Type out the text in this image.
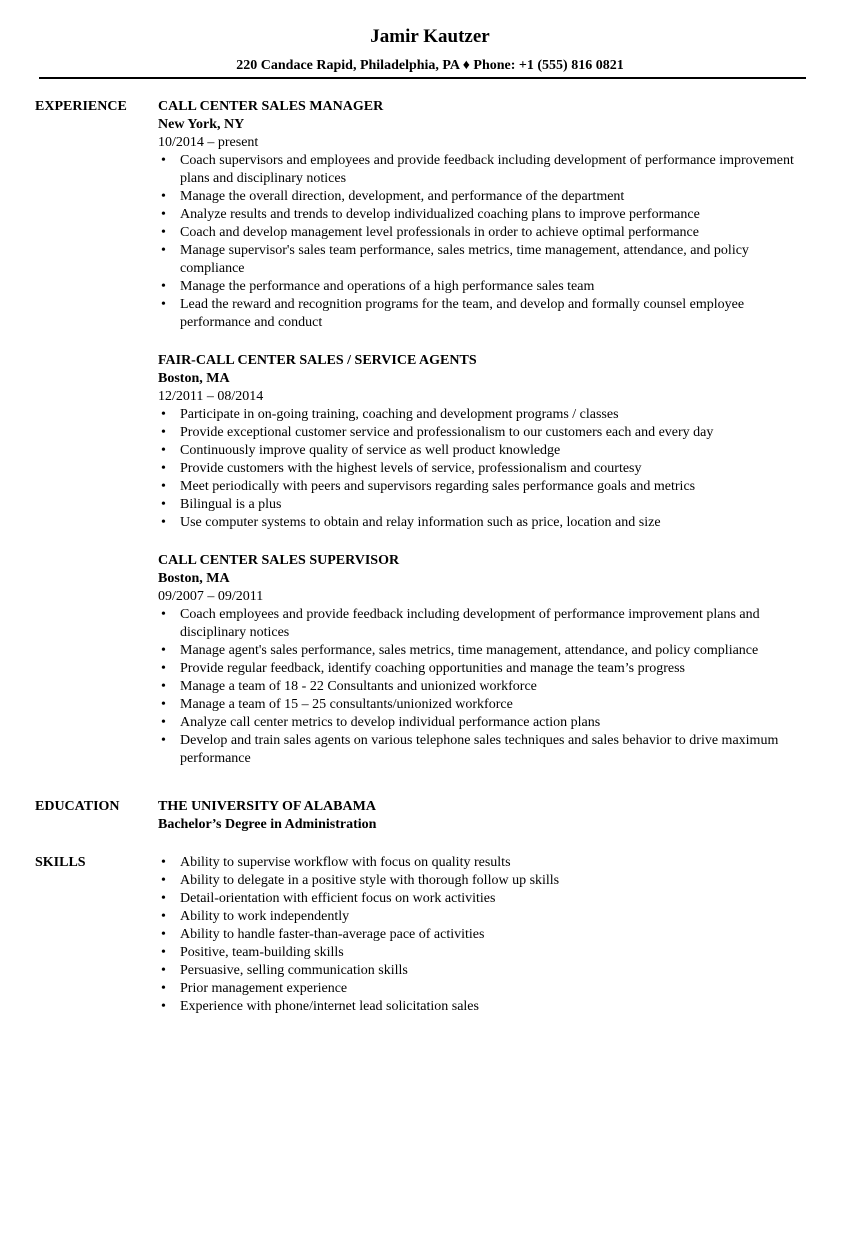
Jamir Kautzer
220 Candace Rapid, Philadelphia, PA ♦ Phone: +1 (555) 816 0821
EXPERIENCE CALL CENTER SALES MANAGER
New York, NY
10/2014 – present
• Coach supervisors and employees and provide feedback including development of performance improvement plans and disciplinary notices
• Manage the overall direction, development, and performance of the department
• Analyze results and trends to develop individualized coaching plans to improve performance
• Coach and develop management level professionals in order to achieve optimal performance
• Manage supervisor's sales team performance, sales metrics, time management, attendance, and policy compliance
• Manage the performance and operations of a high performance sales team
• Lead the reward and recognition programs for the team, and develop and formally counsel employee performance and conduct
FAIR-CALL CENTER SALES / SERVICE AGENTS
Boston, MA
12/2011 – 08/2014
• Participate in on-going training, coaching and development programs / classes
• Provide exceptional customer service and professionalism to our customers each and every day
• Continuously improve quality of service as well product knowledge
• Provide customers with the highest levels of service, professionalism and courtesy
• Meet periodically with peers and supervisors regarding sales performance goals and metrics
• Bilingual is a plus
• Use computer systems to obtain and relay information such as price, location and size
CALL CENTER SALES SUPERVISOR
Boston, MA
09/2007 – 09/2011
• Coach employees and provide feedback including development of performance improvement plans and disciplinary notices
• Manage agent's sales performance, sales metrics, time management, attendance, and policy compliance
• Provide regular feedback, identify coaching opportunities and manage the team’s progress
• Manage a team of 18 - 22 Consultants and unionized workforce
• Manage a team of 15 – 25 consultants/unionized workforce
• Analyze call center metrics to develop individual performance action plans
• Develop and train sales agents on various telephone sales techniques and sales behavior to drive maximum performance
EDUCATION	THE UNIVERSITY OF ALABAMA
Bachelor’s Degree in Administration
SKILLS
•	Ability to supervise workflow with focus on quality results
• Ability to delegate in a positive style with thorough follow up skills
• Detail-orientation with efficient focus on work activities
• Ability to work independently
• Ability to handle faster-than-average pace of activities
• Positive, team-building skills
• Persuasive, selling communication skills
• Prior management experience
• Experience with phone/internet lead solicitation sales
